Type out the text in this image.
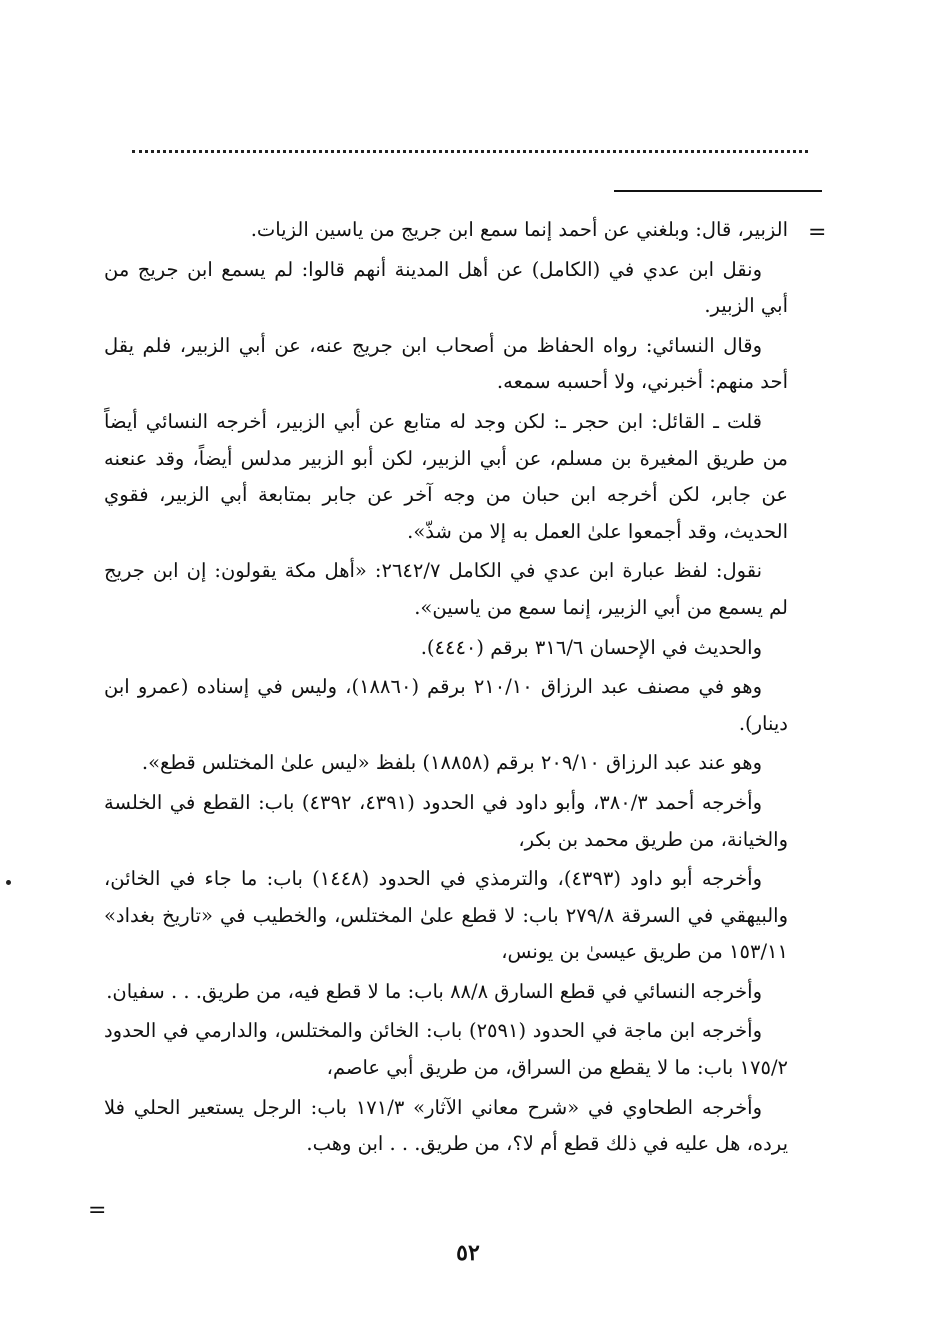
=

الزبير، قال: وبلغني عن أحمد إنما سمع ابن جريج من ياسين الزيات.

ونقل ابن عدي في (الكامل) عن أهل المدينة أنهم قالوا: لم يسمع ابن جريج من أبي الزبير.

وقال النسائي: رواه الحفاظ من أصحاب ابن جريج عنه، عن أبي الزبير، فلم يقل أحد منهم: أخبرني، ولا أحسبه سمعه.

قلت ـ القائل: ابن حجر ـ: لكن وجد له متابع عن أبي الزبير، أخرجه النسائي أيضاً من طريق المغيرة بن مسلم، عن أبي الزبير، لكن أبو الزبير مدلس أيضاً، وقد عنعنه عن جابر، لكن أخرجه ابن حبان من وجه آخر عن جابر بمتابعة أبي الزبير، فقوي الحديث، وقد أجمعوا علىٰ العمل به إلا من شذّ».

نقول: لفظ عبارة ابن عدي في الكامل ٢٦٤٢/٧: «أهل مكة يقولون: إن ابن جريج لم يسمع من أبي الزبير، إنما سمع من ياسين».

والحديث في الإحسان ٣١٦/٦ برقم (٤٤٤٠).

وهو في مصنف عبد الرزاق ٢١٠/١٠ برقم (١٨٨٦٠)، وليس في إسناده (عمرو ابن دينار).

وهو عند عبد الرزاق ٢٠٩/١٠ برقم (١٨٨٥٨) بلفظ «ليس علىٰ المختلس قطع».

وأخرجه أحمد ٣٨٠/٣، وأبو داود في الحدود (٤٣٩١، ٤٣٩٢) باب: القطع في الخلسة والخيانة، من طريق محمد بن بكر،

وأخرجه أبو داود (٤٣٩٣)، والترمذي في الحدود (١٤٤٨) باب: ما جاء في الخائن، والبيهقي في السرقة ٢٧٩/٨ باب: لا قطع علىٰ المختلس، والخطيب في «تاريخ بغداد» ١٥٣/١١ من طريق عيسىٰ بن يونس،

وأخرجه النسائي في قطع السارق ٨٨/٨ باب: ما لا قطع فيه، من طريق. . . سفيان.

وأخرجه ابن ماجة في الحدود (٢٥٩١) باب: الخائن والمختلس، والدارمي في الحدود ١٧٥/٢ باب: ما لا يقطع من السراق، من طريق أبي عاصم،

وأخرجه الطحاوي في «شرح معاني الآثار» ١٧١/٣ باب: الرجل يستعير الحلي فلا يرده، هل عليه في ذلك قطع أم لا؟، من طريق. . . ابن وهب.

=
٥٢
